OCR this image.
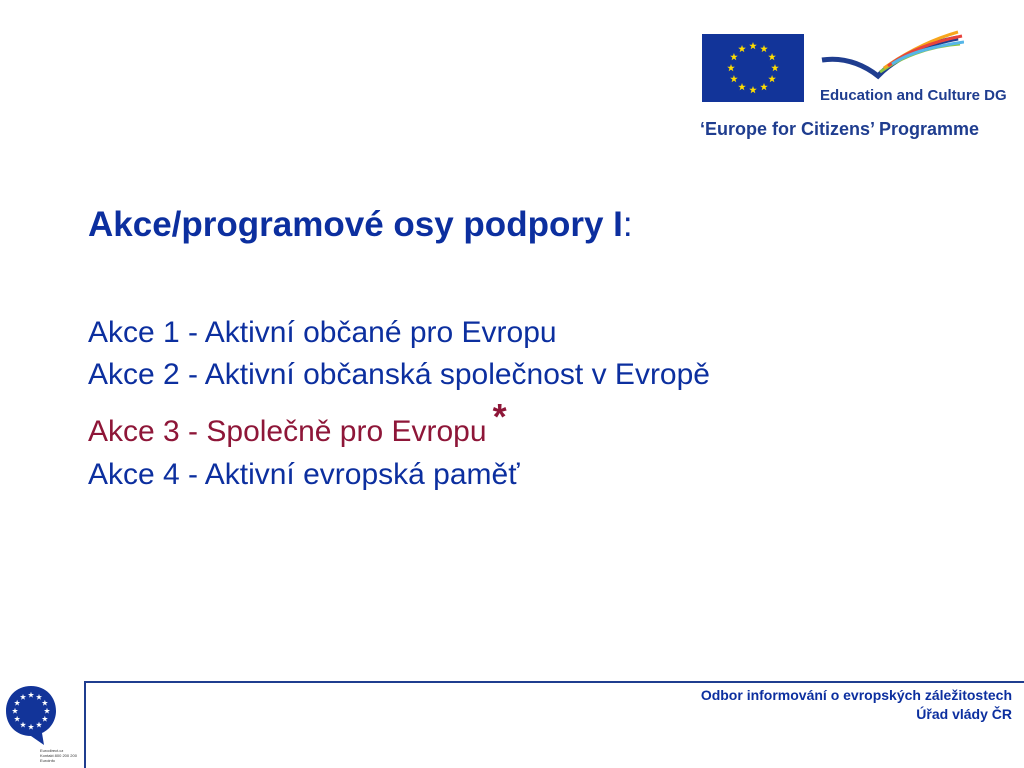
Education and Culture DG
‘Europe for Citizens’ Programme
Akce/programové osy podpory I:
Akce 1 - Aktivní občané pro Evropu
Akce 2 - Aktivní občanská společnost v Evropě
Akce 3 - Společně pro Evropu *
Akce 4 - Aktivní evropská paměť
Eurodirect.cz
Kontakt 800 200 200
Euroinfo
Odbor informování o evropských záležitostech
Úřad vlády ČR
